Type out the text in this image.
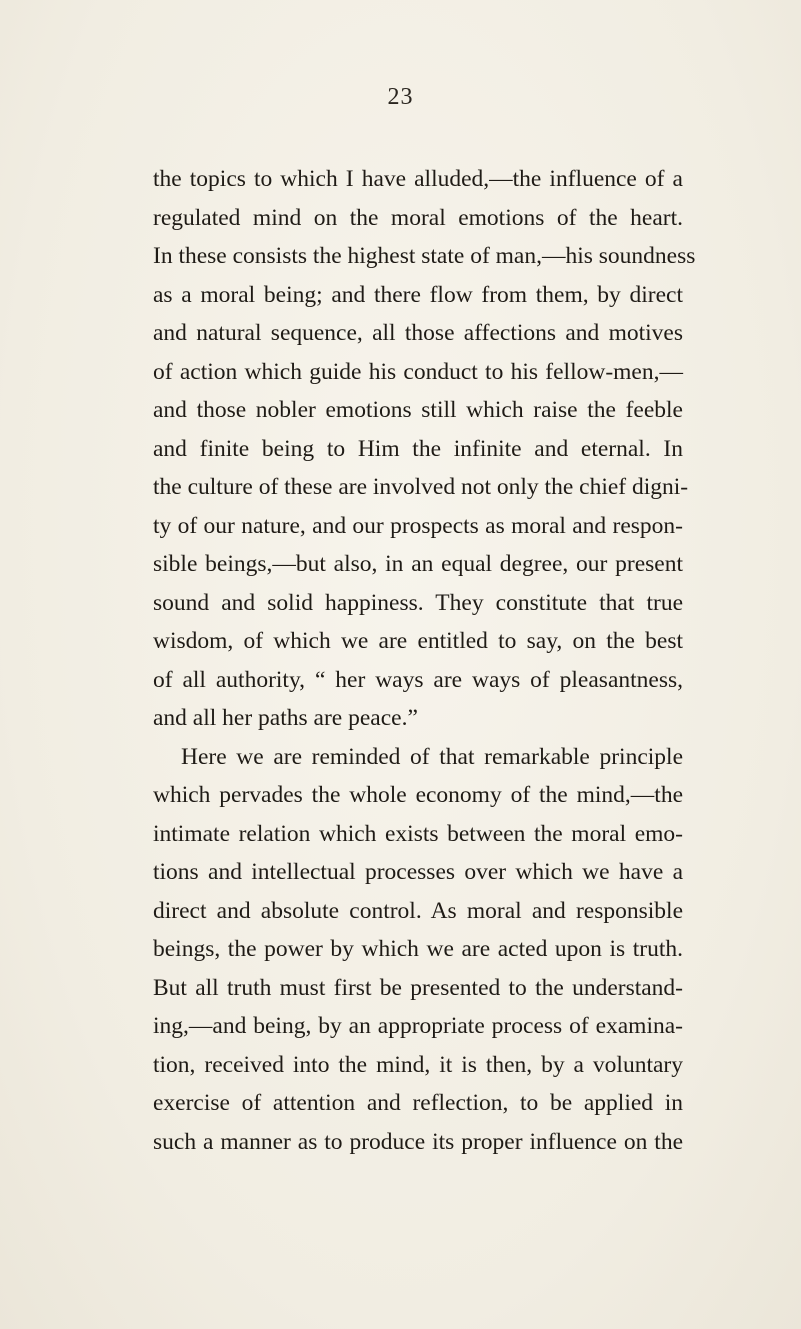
23
the topics to which I have alluded,—the influence of a
regulated mind on the moral emotions of the heart.
In these consists the highest state of man,—his soundness
as a moral being; and there flow from them, by direct
and natural sequence, all those affections and motives
of action which guide his conduct to his fellow-men,—
and those nobler emotions still which raise the feeble
and finite being to Him the infinite and eternal. In
the culture of these are involved not only the chief digni-
ty of our nature, and our prospects as moral and respon-
sible beings,—but also, in an equal degree, our present
sound and solid happiness. They constitute that true
wisdom, of which we are entitled to say, on the best
of all authority, “ her ways are ways of pleasantness,
and all her paths are peace.”
Here we are reminded of that remarkable principle
which pervades the whole economy of the mind,—the
intimate relation which exists between the moral emo-
tions and intellectual processes over which we have a
direct and absolute control. As moral and responsible
beings, the power by which we are acted upon is truth.
But all truth must first be presented to the understand-
ing,—and being, by an appropriate process of examina-
tion, received into the mind, it is then, by a voluntary
exercise of attention and reflection, to be applied in
such a manner as to produce its proper influence on the
